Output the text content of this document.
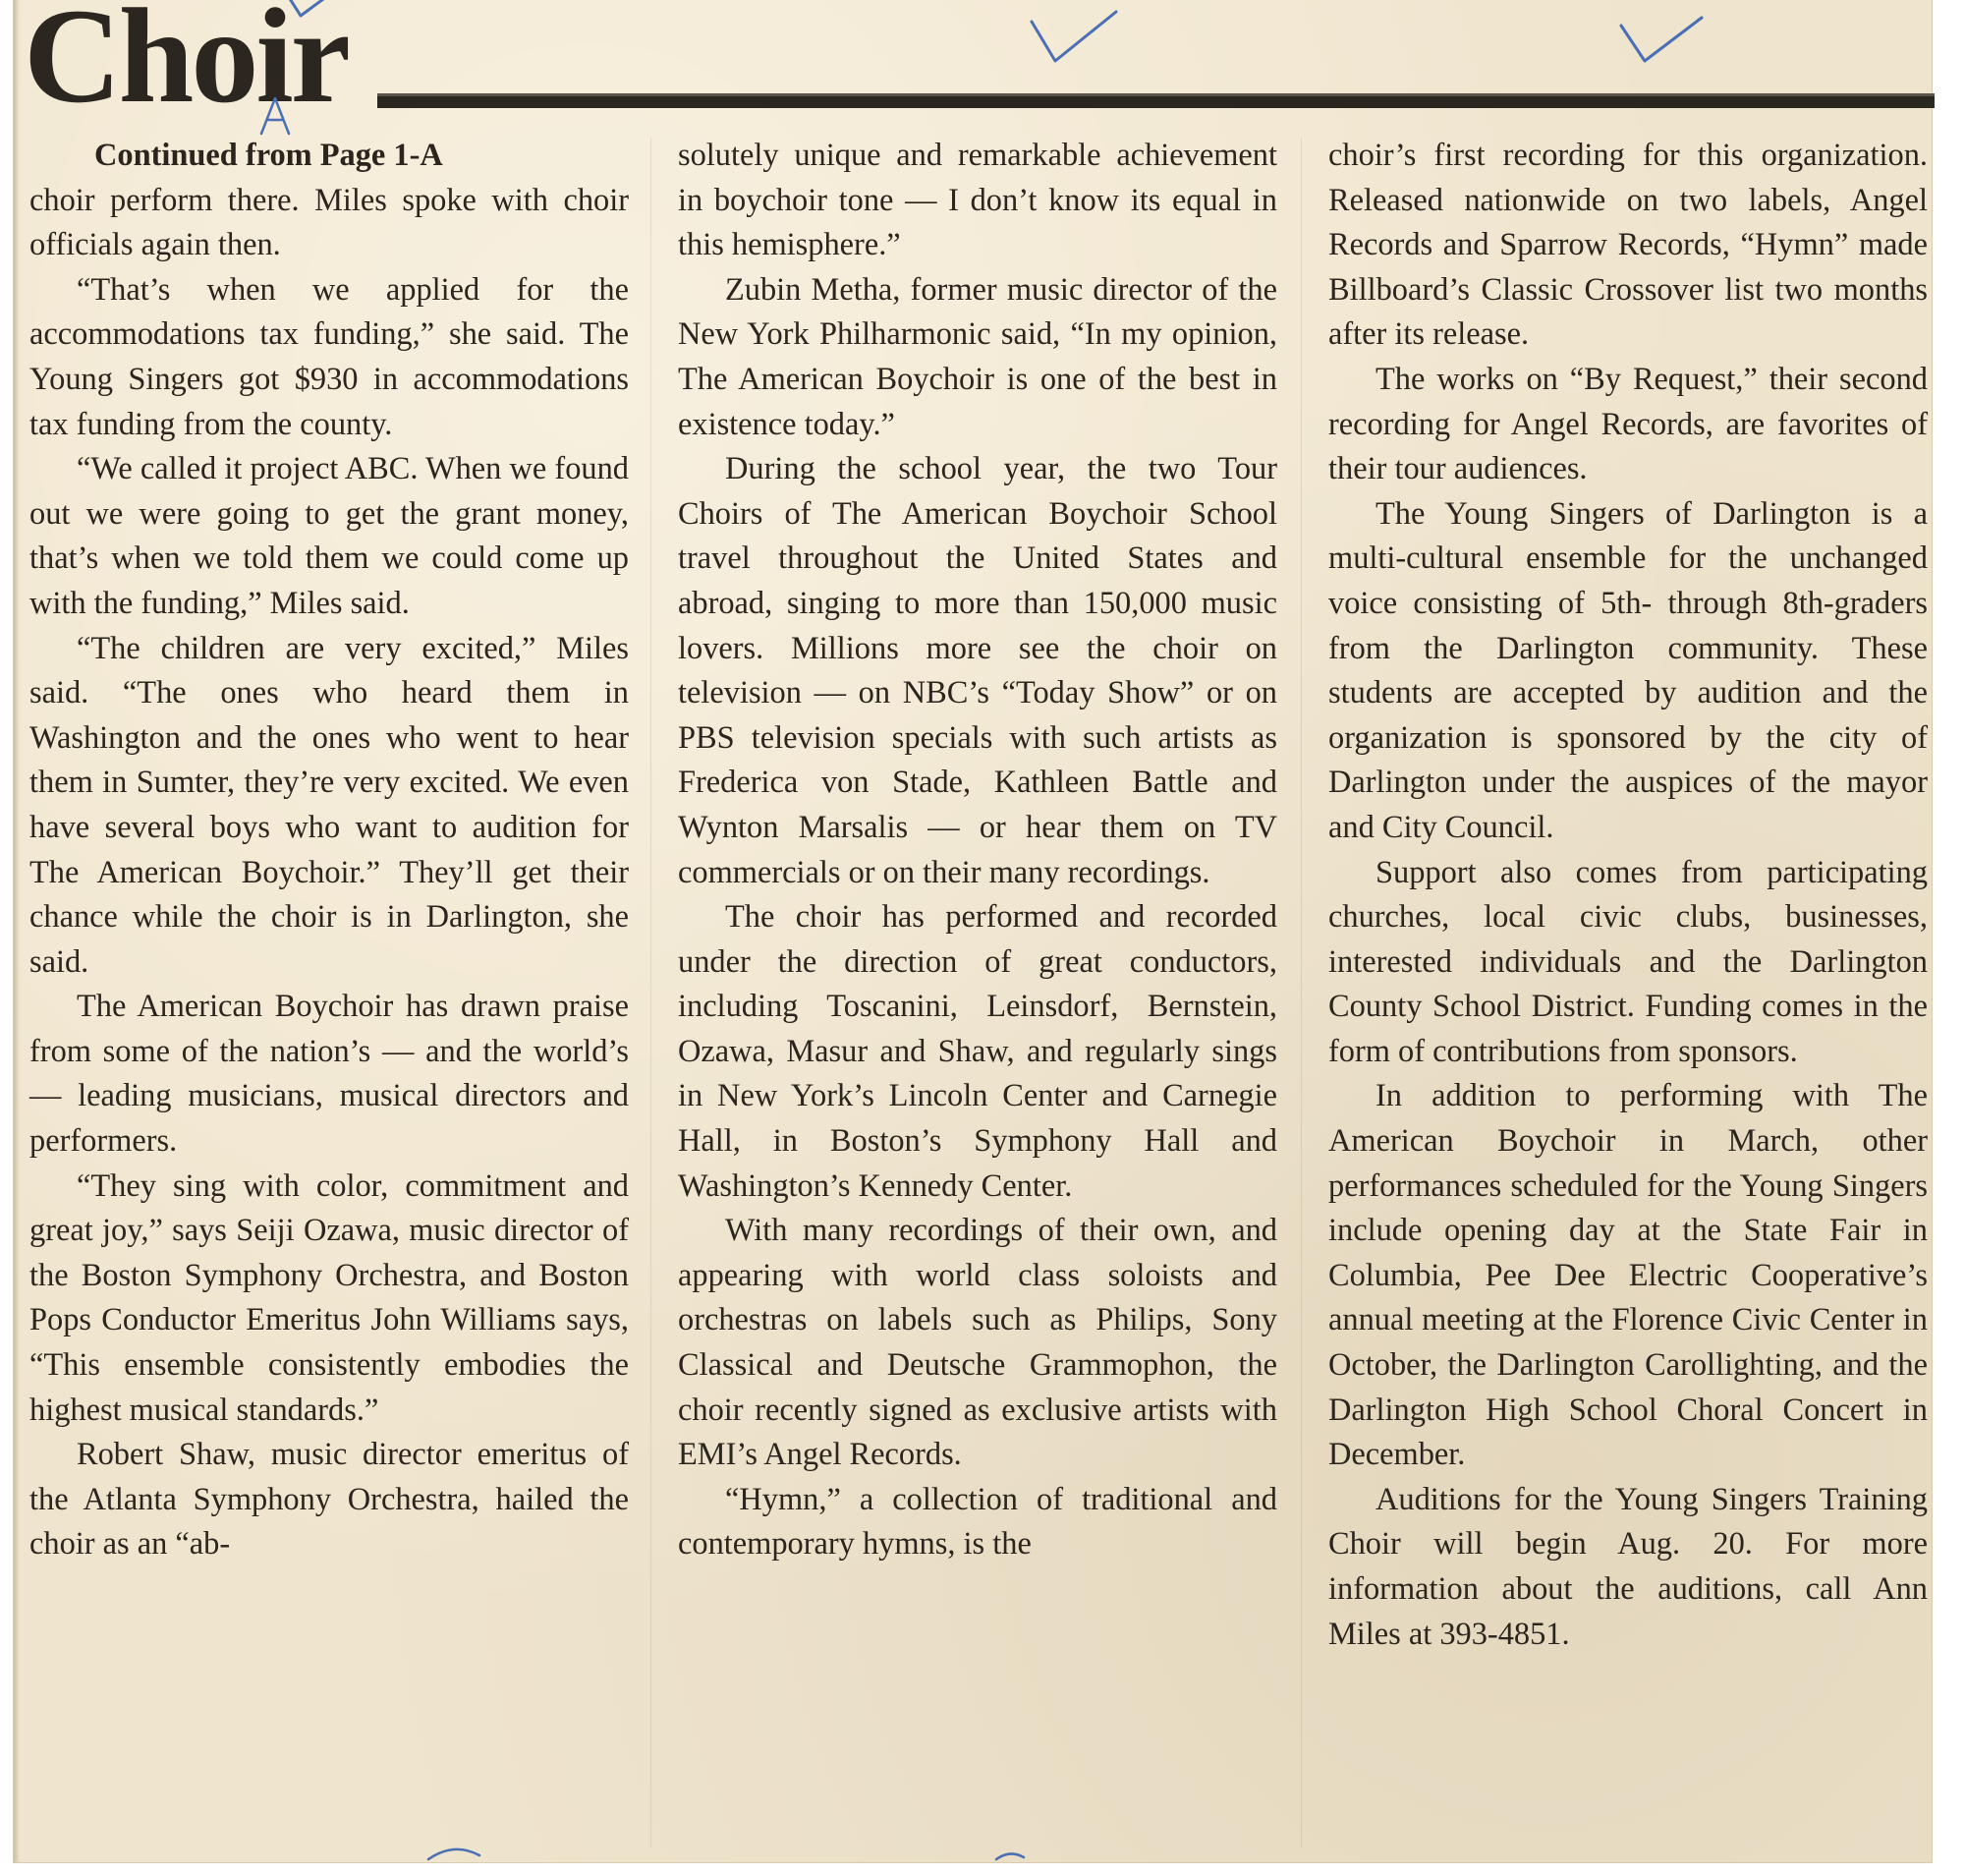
Choir
Continued from Page 1-A

choir perform there. Miles spoke with choir officials again then.

“That’s when we applied for the accommodations tax funding,” she said. The Young Singers got $930 in accommodations tax funding from the county.

“We called it project ABC. When we found out we were going to get the grant money, that’s when we told them we could come up with the funding,” Miles said.

“The children are very excited,” Miles said. “The ones who heard them in Washington and the ones who went to hear them in Sumter, they’re very excited. We even have several boys who want to audition for The American Boychoir.” They’ll get their chance while the choir is in Darlington, she said.

The American Boychoir has drawn praise from some of the nation’s — and the world’s — leading musicians, musical directors and performers.

“They sing with color, commitment and great joy,” says Seiji Ozawa, music director of the Boston Symphony Orchestra, and Boston Pops Conductor Emeritus John Williams says, “This ensemble consistently embodies the highest musical standards.”

Robert Shaw, music director emeritus of the Atlanta Symphony Orchestra, hailed the choir as an “ab-

solutely unique and remarkable achievement in boychoir tone — I don’t know its equal in this hemisphere.”

Zubin Metha, former music director of the New York Philharmonic said, “In my opinion, The American Boychoir is one of the best in existence today.”

During the school year, the two Tour Choirs of The American Boychoir School travel throughout the United States and abroad, singing to more than 150,000 music lovers. Millions more see the choir on television — on NBC’s “Today Show” or on PBS television specials with such artists as Frederica von Stade, Kathleen Battle and Wynton Marsalis — or hear them on TV commercials or on their many recordings.

The choir has performed and recorded under the direction of great conductors, including Toscanini, Leinsdorf, Bernstein, Ozawa, Masur and Shaw, and regularly sings in New York’s Lincoln Center and Carnegie Hall, in Boston’s Symphony Hall and Washington’s Kennedy Center.

With many recordings of their own, and appearing with world class soloists and orchestras on labels such as Philips, Sony Classical and Deutsche Grammophon, the choir recently signed as exclusive artists with EMI’s Angel Records.

“Hymn,” a collection of traditional and contemporary hymns, is the

choir’s first recording for this organization. Released nationwide on two labels, Angel Records and Sparrow Records, “Hymn” made Billboard’s Classic Crossover list two months after its release.

The works on “By Request,” their second recording for Angel Records, are favorites of their tour audiences.

The Young Singers of Darlington is a multi-cultural ensemble for the unchanged voice consisting of 5th- through 8th-graders from the Darlington community. These students are accepted by audition and the organization is sponsored by the city of Darlington under the auspices of the mayor and City Council.

Support also comes from participating churches, local civic clubs, businesses, interested individuals and the Darlington County School District. Funding comes in the form of contributions from sponsors.

In addition to performing with The American Boychoir in March, other performances scheduled for the Young Singers include opening day at the State Fair in Columbia, Pee Dee Electric Cooperative’s annual meeting at the Florence Civic Center in October, the Darlington Carollighting, and the Darlington High School Choral Concert in December.

Auditions for the Young Singers Training Choir will begin Aug. 20. For more information about the auditions, call Ann Miles at 393-4851.
